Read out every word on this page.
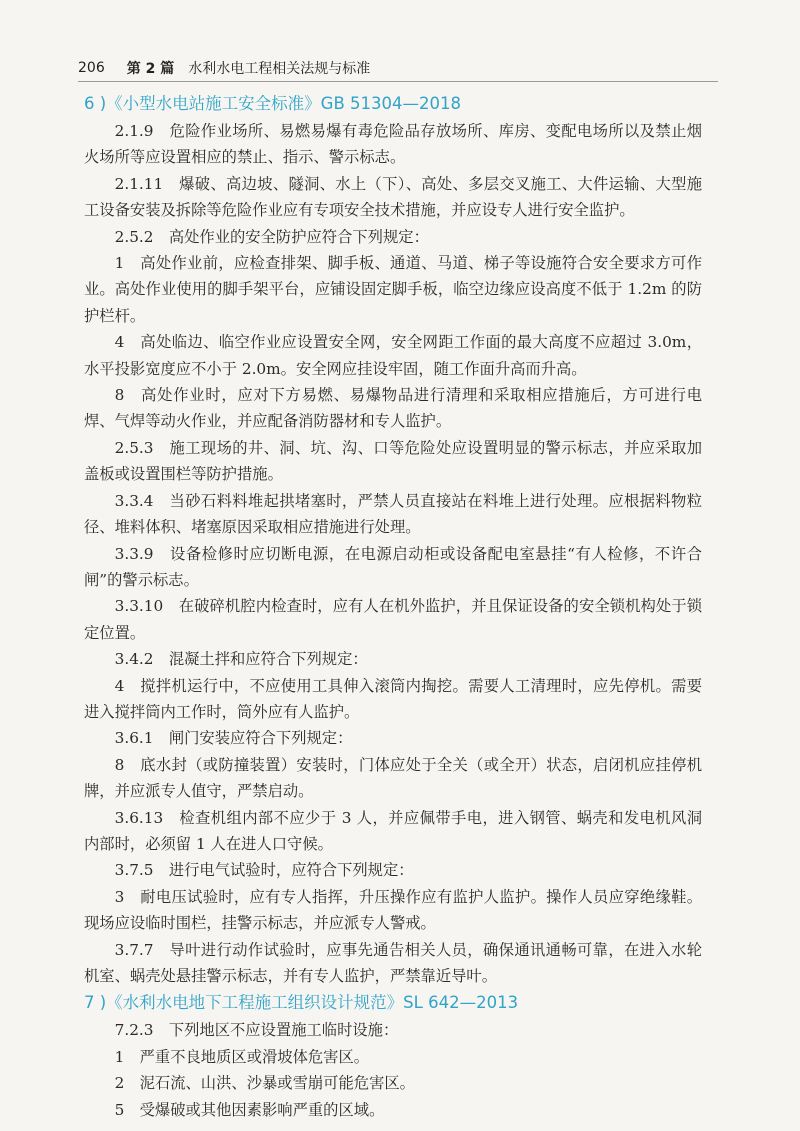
206 第 2 篇 水利水电工程相关法规与标准

6 )《小型水电站施工安全标准》GB 51304—2018

2.1.9　危险作业场所、易燃易爆有毒危险品存放场所、库房、变配电场所以及禁止烟火场所等应设置相应的禁止、指示、警示标志。

2.1.11　爆破、高边坡、隧洞、水上（下）、高处、多层交叉施工、大件运输、大型施工设备安装及拆除等危险作业应有专项安全技术措施，并应设专人进行安全监护。

2.5.2　高处作业的安全防护应符合下列规定：

1　高处作业前，应检查排架、脚手板、通道、马道、梯子等设施符合安全要求方可作业。高处作业使用的脚手架平台，应铺设固定脚手板，临空边缘应设高度不低于 1.2m 的防护栏杆。

4　高处临边、临空作业应设置安全网，安全网距工作面的最大高度不应超过 3.0m，水平投影宽度应不小于 2.0m。安全网应挂设牢固，随工作面升高而升高。

8　高处作业时，应对下方易燃、易爆物品进行清理和采取相应措施后，方可进行电焊、气焊等动火作业，并应配备消防器材和专人监护。

2.5.3　施工现场的井、洞、坑、沟、口等危险处应设置明显的警示标志，并应采取加盖板或设置围栏等防护措施。

3.3.4　当砂石料料堆起拱堵塞时，严禁人员直接站在料堆上进行处理。应根据料物粒径、堆料体积、堵塞原因采取相应措施进行处理。

3.3.9　设备检修时应切断电源，在电源启动柜或设备配电室悬挂“有人检修，不许合闸”的警示标志。

3.3.10　在破碎机腔内检查时，应有人在机外监护，并且保证设备的安全锁机构处于锁定位置。

3.4.2　混凝土拌和应符合下列规定：

4　搅拌机运行中，不应使用工具伸入滚筒内掏挖。需要人工清理时，应先停机。需要进入搅拌筒内工作时，筒外应有人监护。

3.6.1　闸门安装应符合下列规定：

8　底水封（或防撞装置）安装时，门体应处于全关（或全开）状态，启闭机应挂停机牌，并应派专人值守，严禁启动。

3.6.13　检查机组内部不应少于 3 人，并应佩带手电，进入钢管、蜗壳和发电机风洞内部时，必须留 1 人在进人口守候。

3.7.5　进行电气试验时，应符合下列规定：

3　耐电压试验时，应有专人指挥，升压操作应有监护人监护。操作人员应穿绝缘鞋。现场应设临时围栏，挂警示标志，并应派专人警戒。

3.7.7　导叶进行动作试验时，应事先通告相关人员，确保通讯通畅可靠，在进入水轮机室、蜗壳处悬挂警示标志，并有专人监护，严禁靠近导叶。

7 )《水利水电地下工程施工组织设计规范》SL 642—2013

7.2.3　下列地区不应设置施工临时设施：

1　严重不良地质区或滑坡体危害区。

2　泥石流、山洪、沙暴或雪崩可能危害区。

5　受爆破或其他因素影响严重的区域。
